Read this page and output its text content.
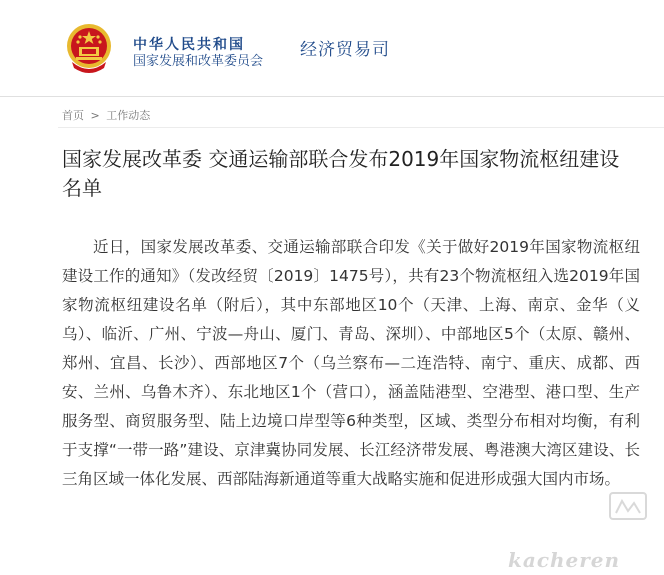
中华人民共和国
国家发展和改革委员会
经济贸易司
首页 > 工作动态
国家发展改革委 交通运输部联合发布2019年国家物流枢纽建设名单
近日，国家发展改革委、交通运输部联合印发《关于做好2019年国家物流枢纽建设工作的通知》（发改经贸〔2019〕1475号），共有23个物流枢纽入选2019年国家物流枢纽建设名单（附后），其中东部地区10个（天津、上海、南京、金华（义乌）、临沂、广州、宁波—舟山、厦门、青岛、深圳）、中部地区5个（太原、赣州、郑州、宜昌、长沙）、西部地区7个（乌兰察布—二连浩特、南宁、重庆、成都、西安、兰州、乌鲁木齐）、东北地区1个（营口），涵盖陆港型、空港型、港口型、生产服务型、商贸服务型、陆上边境口岸型等6种类型，区域、类型分布相对均衡，有利于支撑“一带一路”建设、京津冀协同发展、长江经济带发展、粤港澳大湾区建设、长三角区域一体化发展、西部陆海新通道等重大战略实施和促进形成强大国内市场。
kacheren
